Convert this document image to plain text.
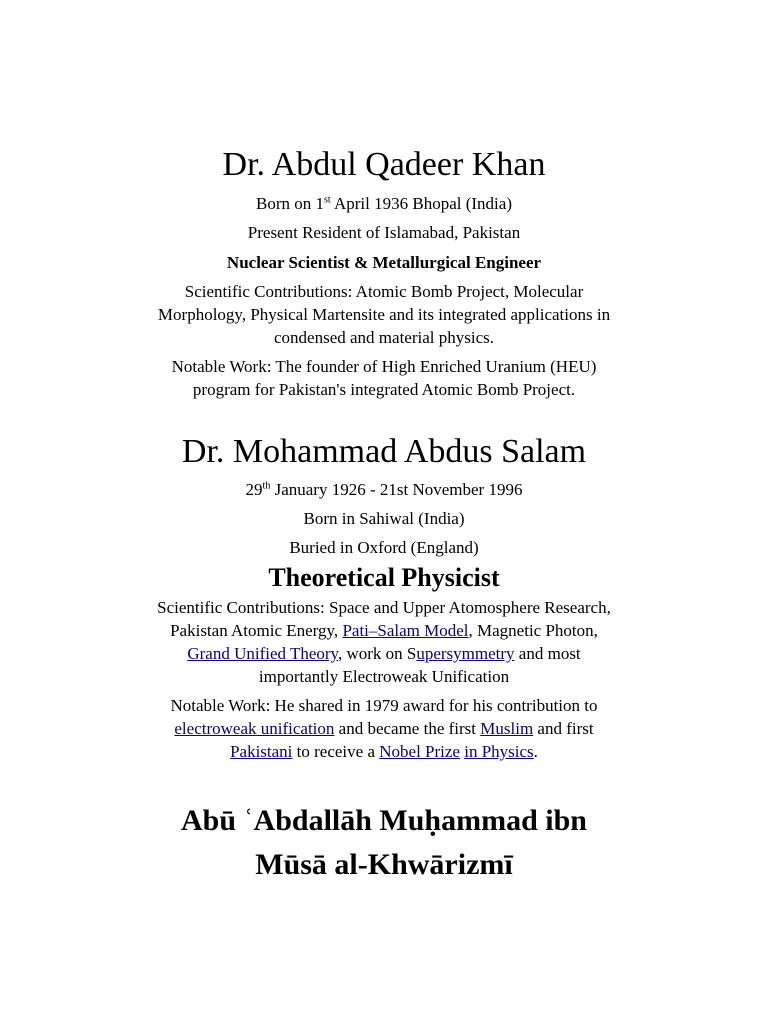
Dr. Abdul Qadeer Khan

Born on 1st April 1936 Bhopal (India)

Present Resident of Islamabad, Pakistan

Nuclear Scientist & Metallurgical Engineer

Scientific Contributions: Atomic Bomb Project, Molecular

Morphology, Physical Martensite and its integrated applications in

condensed and material physics.

Notable Work: The founder of High Enriched Uranium (HEU)

program for Pakistan's integrated Atomic Bomb Project.

Dr. Mohammad Abdus Salam

29th January 1926 - 21st November 1996

Born in Sahiwal (India)

Buried in Oxford (England)

Theoretical Physicist

Scientific Contributions: Space and Upper Atomosphere Research,

Pakistan Atomic Energy, Pati–Salam Model, Magnetic Photon,

Grand Unified Theory, work on Supersymmetry and most

importantly Electroweak Unification

Notable Work: He shared in 1979 award for his contribution to

electroweak unification and became the first Muslim and first

Pakistani to receive a Nobel Prize in Physics.

Abū ʿAbdallāh Muḥammad ibn

Mūsā al-Khwārizmī
